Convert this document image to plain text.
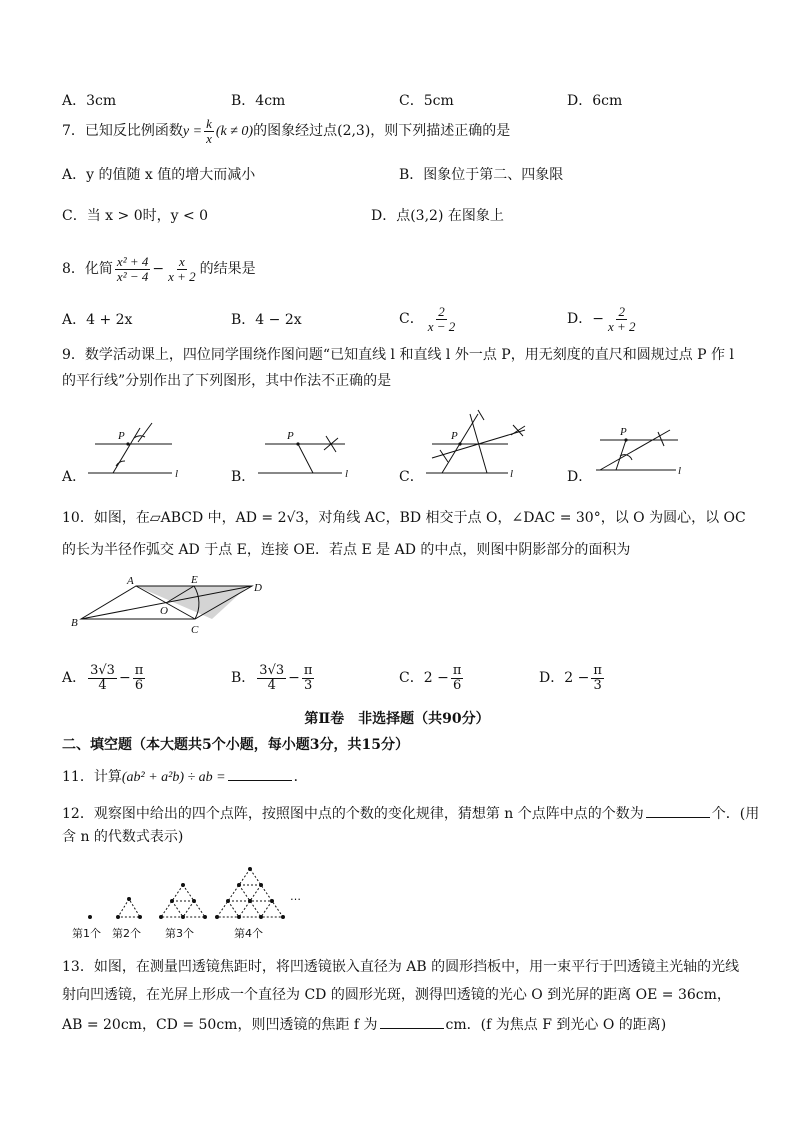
A．3cm	B．4cm	C．5cm	D．6cm
7．已知反比例函数$y = \frac{k}{x} (k \ne 0)$的图象经过点(2,3)，则下列描述正确的是
A．y 的值随 x 值的增大而减小	B．图象位于第二、四象限
C．当 x > 0时，y < 0	D．点(3,2) 在图象上
8．化简 $\frac{\text{x² + 4}}{\text{x² − 4}} - \frac{x}{x + 2}$ 的结果是
A．4 + 2x	B．4 − 2x	C． $\frac{2}{x - 2}$	D．− $\frac{2}{x + 2}$
9．数学活动课上，四位同学围绕作图问题“已知直线 l 和直线 l 外一点 P，用无刻度的直尺和圆规过点 P 作 l
的平行线”分别作出了下列图形，其中作法不正确的是
P
l
P
l
P
l
P
l
A．	B．	C．	D．
10．如图，在▱ABCD 中，AD = 2√3，对角线 AC，BD 相交于点 O，∠DAC = 30°，以 O 为圆心，以 OC
的长为半径作弧交 AD 于点 E，连接 OE．若点 E 是 AD 的中点，则图中阴影部分的面积为
A	E
D
B
O
C
A． $\frac{3√3}{4} - \frac{\pi}{6}$	B． $\frac{3√3}{4} - \frac{\pi}{3}$	C．$2 - \frac{\pi}{6}$	D．$2 - \frac{\pi}{3}$
第Ⅱ卷　非选择题（共90分）
二、填空题（本大题共5个小题，每小题3分，共15分）
11．计算(ab² + a²b) ÷ ab =	．
12．观察图中给出的四个点阵，按照图中点的个数的变化规律，猜想第 n 个点阵中点的个数为	个．(用
含 n 的代数式表示)
…
第1个 第2个 第3个	第4个
13．如图，在测量凹透镜焦距时，将凹透镜嵌入直径为 AB 的圆形挡板中，用一束平行于凹透镜主光轴的光线
射向凹透镜，在光屏上形成一个直径为 CD 的圆形光斑，测得凹透镜的光心 O 到光屏的距离 OE = 36cm，
AB = 20cm，CD = 50cm，则凹透镜的焦距 f 为	cm．(f 为焦点 F 到光心 O 的距离)
